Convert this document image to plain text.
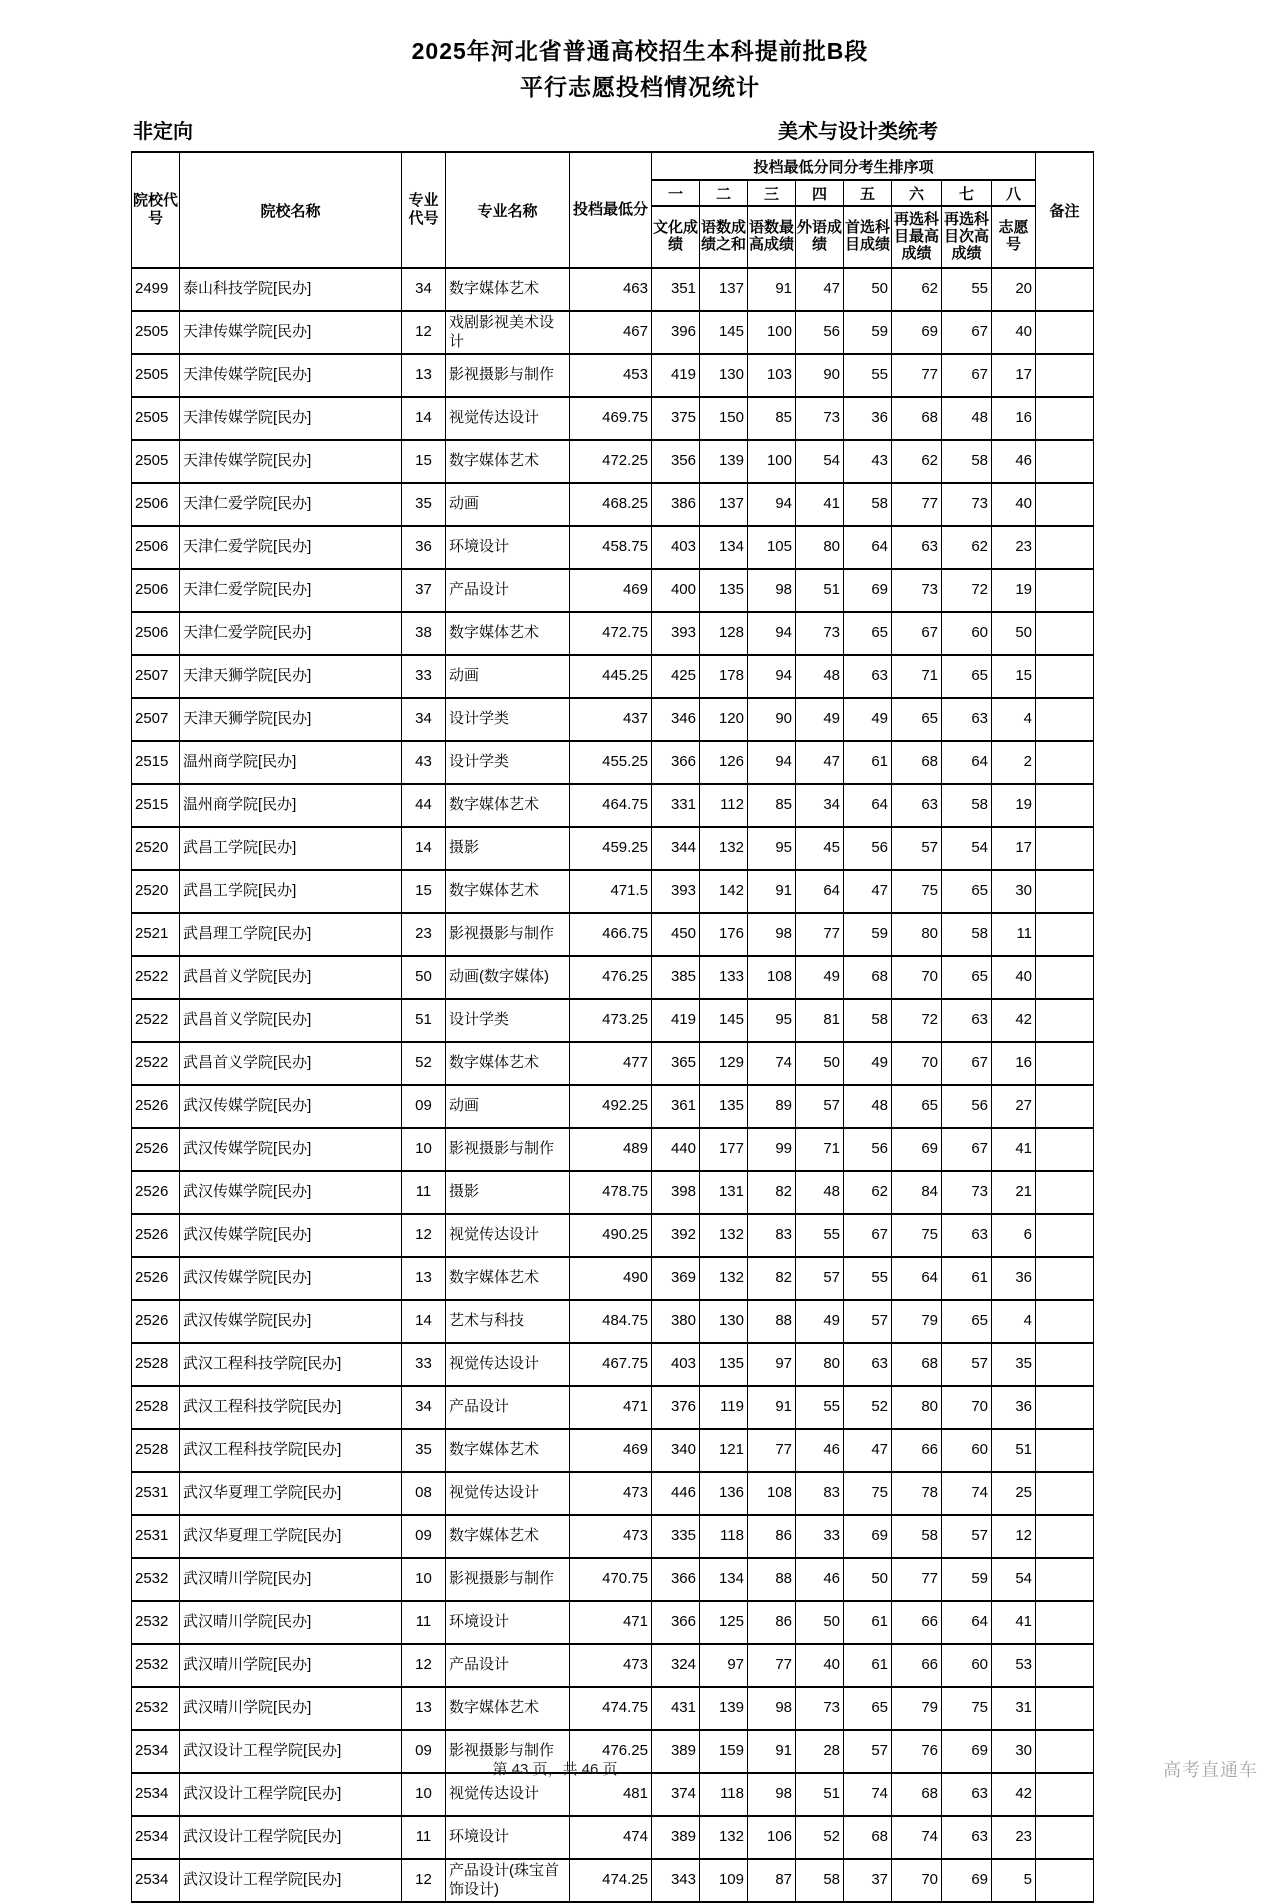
2025年河北省普通高校招生本科提前批B段
平行志愿投档情况统计
非定向	美术与设计类统考
院校代号	院校名称	专业代号	专业名称	投档最低分	投档最低分同分考生排序项								备注
					一	二	三	四	五	六	七	八	
					文化成绩	语数成绩之和	语数最高成绩	外语成绩	首选科目成绩	再选科目最高成绩	再选科目次高成绩	志愿号	
2499	泰山科技学院[民办]	34	数字媒体艺术	463	351	137	91	47	50	62	55	20	
2505	天津传媒学院[民办]	12	戏剧影视美术设计	467	396	145	100	56	59	69	67	40	
2505	天津传媒学院[民办]	13	影视摄影与制作	453	419	130	103	90	55	77	67	17	
2505	天津传媒学院[民办]	14	视觉传达设计	469.75	375	150	85	73	36	68	48	16	
2505	天津传媒学院[民办]	15	数字媒体艺术	472.25	356	139	100	54	43	62	58	46	
2506	天津仁爱学院[民办]	35	动画	468.25	386	137	94	41	58	77	73	40	
2506	天津仁爱学院[民办]	36	环境设计	458.75	403	134	105	80	64	63	62	23	
2506	天津仁爱学院[民办]	37	产品设计	469	400	135	98	51	69	73	72	19	
2506	天津仁爱学院[民办]	38	数字媒体艺术	472.75	393	128	94	73	65	67	60	50	
2507	天津天狮学院[民办]	33	动画	445.25	425	178	94	48	63	71	65	15	
2507	天津天狮学院[民办]	34	设计学类	437	346	120	90	49	49	65	63	4	
2515	温州商学院[民办]	43	设计学类	455.25	366	126	94	47	61	68	64	2	
2515	温州商学院[民办]	44	数字媒体艺术	464.75	331	112	85	34	64	63	58	19	
2520	武昌工学院[民办]	14	摄影	459.25	344	132	95	45	56	57	54	17	
2520	武昌工学院[民办]	15	数字媒体艺术	471.5	393	142	91	64	47	75	65	30	
2521	武昌理工学院[民办]	23	影视摄影与制作	466.75	450	176	98	77	59	80	58	11	
2522	武昌首义学院[民办]	50	动画(数字媒体)	476.25	385	133	108	49	68	70	65	40	
2522	武昌首义学院[民办]	51	设计学类	473.25	419	145	95	81	58	72	63	42	
2522	武昌首义学院[民办]	52	数字媒体艺术	477	365	129	74	50	49	70	67	16	
2526	武汉传媒学院[民办]	09	动画	492.25	361	135	89	57	48	65	56	27	
2526	武汉传媒学院[民办]	10	影视摄影与制作	489	440	177	99	71	56	69	67	41	
2526	武汉传媒学院[民办]	11	摄影	478.75	398	131	82	48	62	84	73	21	
2526	武汉传媒学院[民办]	12	视觉传达设计	490.25	392	132	83	55	67	75	63	6	
2526	武汉传媒学院[民办]	13	数字媒体艺术	490	369	132	82	57	55	64	61	36	
2526	武汉传媒学院[民办]	14	艺术与科技	484.75	380	130	88	49	57	79	65	4	
2528	武汉工程科技学院[民办]	33	视觉传达设计	467.75	403	135	97	80	63	68	57	35	
2528	武汉工程科技学院[民办]	34	产品设计	471	376	119	91	55	52	80	70	36	
2528	武汉工程科技学院[民办]	35	数字媒体艺术	469	340	121	77	46	47	66	60	51	
2531	武汉华夏理工学院[民办]	08	视觉传达设计	473	446	136	108	83	75	78	74	25	
2531	武汉华夏理工学院[民办]	09	数字媒体艺术	473	335	118	86	33	69	58	57	12	
2532	武汉晴川学院[民办]	10	影视摄影与制作	470.75	366	134	88	46	50	77	59	54	
2532	武汉晴川学院[民办]	11	环境设计	471	366	125	86	50	61	66	64	41	
2532	武汉晴川学院[民办]	12	产品设计	473	324	97	77	40	61	66	60	53	
2532	武汉晴川学院[民办]	13	数字媒体艺术	474.75	431	139	98	73	65	79	75	31	
2534	武汉设计工程学院[民办]	09	影视摄影与制作	476.25	389	159	91	28	57	76	69	30	
2534	武汉设计工程学院[民办]	10	视觉传达设计	481	374	118	98	51	74	68	63	42	
2534	武汉设计工程学院[民办]	11	环境设计	474	389	132	106	52	68	74	63	23	
2534	武汉设计工程学院[民办]	12	产品设计(珠宝首饰设计)	474.25	343	109	87	58	37	70	69	5	
第 43 页，共 46 页	高考直通车
